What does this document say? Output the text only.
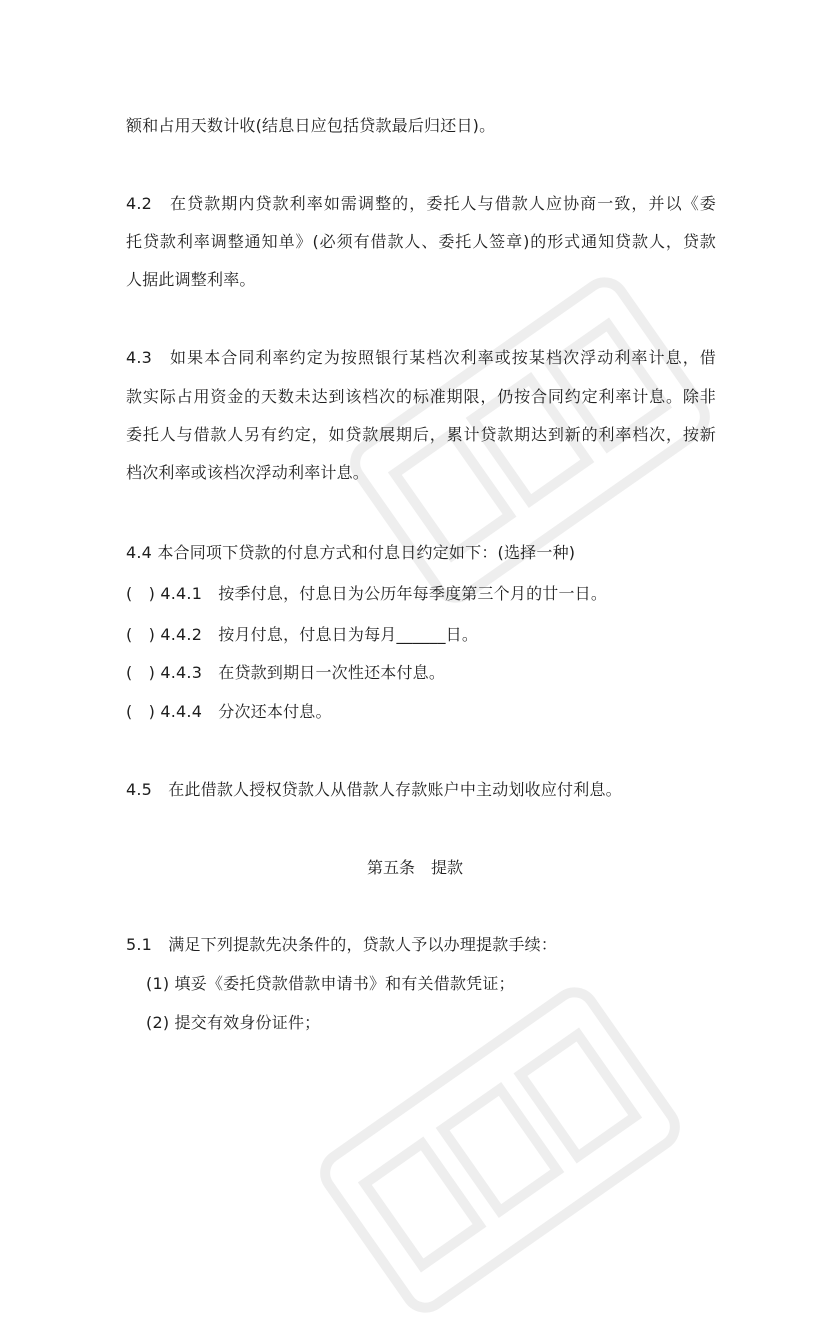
额和占用天数计收(结息日应包括贷款最后归还日)。
4.2　在贷款期内贷款利率如需调整的，委托人与借款人应协商一致，并以《委
托贷款利率调整通知单》(必须有借款人、委托人签章)的形式通知贷款人，贷款
人据此调整利率。
4.3　如果本合同利率约定为按照银行某档次利率或按某档次浮动利率计息，借
款实际占用资金的天数未达到该档次的标准期限，仍按合同约定利率计息。除非
委托人与借款人另有约定，如贷款展期后，累计贷款期达到新的利率档次，按新
档次利率或该档次浮动利率计息。
4.4 本合同项下贷款的付息方式和付息日约定如下：(选择一种)
(　) 4.4.1　按季付息，付息日为公历年每季度第三个月的廿一日。
(　) 4.4.2　按月付息，付息日为每月______日。
(　) 4.4.3　在贷款到期日一次性还本付息。
(　) 4.4.4　分次还本付息。
4.5　在此借款人授权贷款人从借款人存款账户中主动划收应付利息。
第五条　提款
5.1　满足下列提款先决条件的，贷款人予以办理提款手续：
(1) 填妥《委托贷款借款申请书》和有关借款凭证；
(2) 提交有效身份证件；
